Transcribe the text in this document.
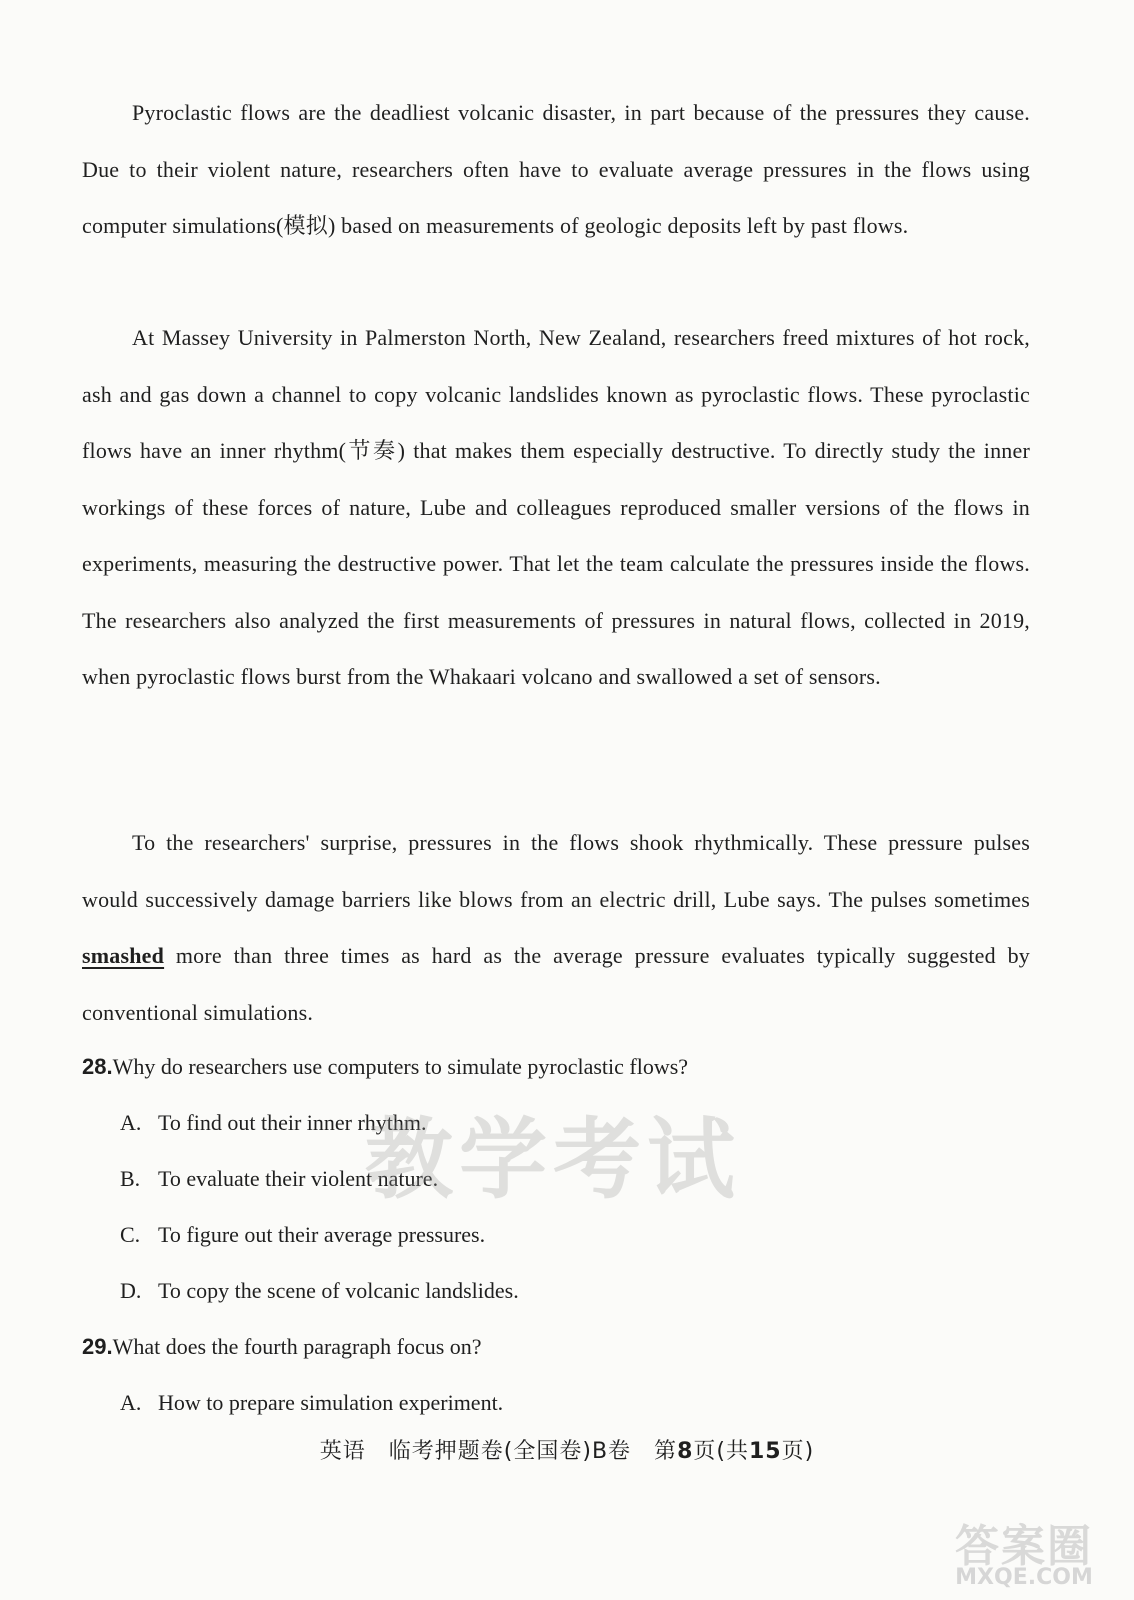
Pyroclastic flows are the deadliest volcanic disaster, in part because of the pressures they cause. Due to their violent nature, researchers often have to evaluate average pressures in the flows using computer simulations(模拟) based on measurements of geologic deposits left by past flows.

At Massey University in Palmerston North, New Zealand, researchers freed mixtures of hot rock, ash and gas down a channel to copy volcanic landslides known as pyroclastic flows. These pyroclastic flows have an inner rhythm(节奏) that makes them especially destructive. To directly study the inner workings of these forces of nature, Lube and colleagues reproduced smaller versions of the flows in experiments, measuring the destructive power. That let the team calculate the pressures inside the flows. The researchers also analyzed the first measurements of pressures in natural flows, collected in 2019, when pyroclastic flows burst from the Whakaari volcano and swallowed a set of sensors.

To the researchers' surprise, pressures in the flows shook rhythmically. These pressure pulses would successively damage barriers like blows from an electric drill, Lube says. The pulses sometimes smashed more than three times as hard as the average pressure evaluates typically suggested by conventional simulations.

28.Why do researchers use computers to simulate pyroclastic flows?

A. To find out their inner rhythm.

B. To evaluate their violent nature.

C. To figure out their average pressures.

D. To copy the scene of volcanic landslides.

29.What does the fourth paragraph focus on?

A. How to prepare simulation experiment.

教学考试
英语　临考押题卷(全国卷)B卷　第8页(共15页)
答案圈
MXQE.COM
